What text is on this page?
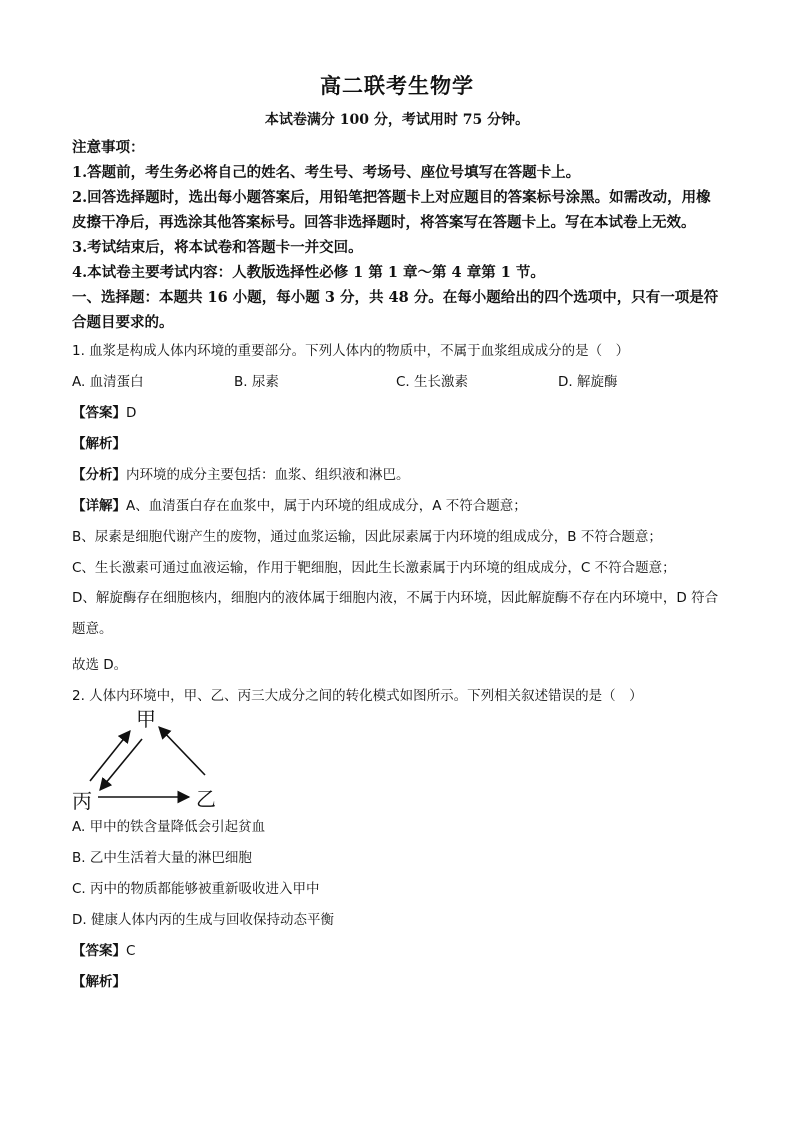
高二联考生物学
本试卷满分 100 分，考试用时 75 分钟。
注意事项：
1.答题前，考生务必将自己的姓名、考生号、考场号、座位号填写在答题卡上。
2.回答选择题时，选出每小题答案后，用铅笔把答题卡上对应题目的答案标号涂黑。如需改动，用橡皮擦干净后，再选涂其他答案标号。回答非选择题时，将答案写在答题卡上。写在本试卷上无效。
3.考试结束后，将本试卷和答题卡一并交回。
4.本试卷主要考试内容：人教版选择性必修 1 第 1 章～第 4 章第 1 节。
一、选择题：本题共 16 小题，每小题 3 分，共 48 分。在每小题给出的四个选项中，只有一项是符合题目要求的。
1. 血浆是构成人体内环境的重要部分。下列人体内的物质中，不属于血浆组成成分的是（　）
A. 血清蛋白	B. 尿素	C. 生长激素	D. 解旋酶
【答案】D
【解析】
【分析】内环境的成分主要包括：血浆、组织液和淋巴。
【详解】A、血清蛋白存在血浆中，属于内环境的组成成分，A 不符合题意；
B、尿素是细胞代谢产生的废物，通过血浆运输，因此尿素属于内环境的组成成分，B 不符合题意；
C、生长激素可通过血液运输，作用于靶细胞，因此生长激素属于内环境的组成成分，C 不符合题意；
D、解旋酶存在细胞核内，细胞内的液体属于细胞内液，不属于内环境，因此解旋酶不存在内环境中，D 符合题意。
故选 D。
2. 人体内环境中，甲、乙、丙三大成分之间的转化模式如图所示。下列相关叙述错误的是（　）
甲
丙	乙
A. 甲中的铁含量降低会引起贫血
B. 乙中生活着大量的淋巴细胞
C. 丙中的物质都能够被重新吸收进入甲中
D. 健康人体内丙的生成与回收保持动态平衡
【答案】C
【解析】
